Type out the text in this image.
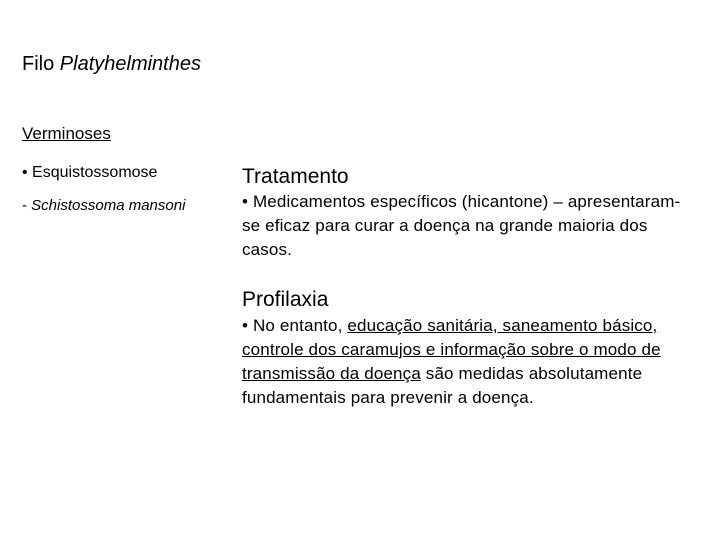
Filo Platyhelminthes
Verminoses
• Esquistossomose
- Schistossoma mansoni
Tratamento
• Medicamentos específicos (hicantone) – apresentaram-se eficaz para curar a doença na grande maioria dos casos.
Profilaxia
• No entanto, educação sanitária, saneamento básico, controle dos caramujos e informação sobre o modo de transmissão da doença são medidas absolutamente fundamentais para prevenir a doença.
